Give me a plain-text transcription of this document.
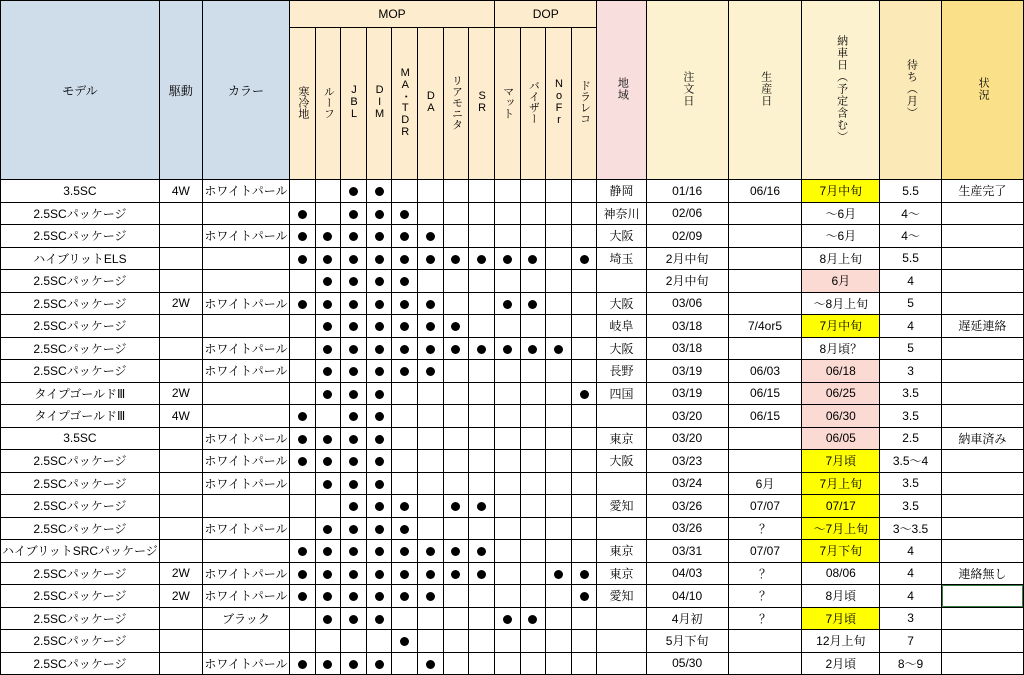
モデル	駆動	カラー	MOP								DOP				地域	注文日	生産日	納車日（予定含む）	待ち（月）	状況
			寒冷地	ルーフ	JBL	DIM	MA・TDR	DA	リアモニタ	SR	マット	バイザー	NoFr	ドラレコ						
3.5SC	4W	ホワイトパール													静岡	01/16	06/16	7月中旬	5.5	生産完了
2.5SCパッケージ															神奈川	02/06		～6月	4～	
2.5SCパッケージ		ホワイトパール													大阪	02/09		～6月	4～	
ハイブリットELS															埼玉	2月中旬		8月上旬	5.5	
2.5SCパッケージ																2月中旬		6月	4	
2.5SCパッケージ	2W	ホワイトパール													大阪	03/06		～8月上旬	5	
2.5SCパッケージ															岐阜	03/18	7/4or5	7月中旬	4	遅延連絡
2.5SCパッケージ		ホワイトパール													大阪	03/18		8月頃？	5	
2.5SCパッケージ		ホワイトパール													長野	03/19	06/03	06/18	3	
タイプゴールドⅢ	2W														四国	03/19	06/15	06/25	3.5	
タイプゴールドⅢ	4W															03/20	06/15	06/30	3.5	
3.5SC		ホワイトパール													東京	03/20		06/05	2.5	納車済み
2.5SCパッケージ		ホワイトパール													大阪	03/23		7月頃	3.5～4	
2.5SCパッケージ		ホワイトパール														03/24	6月	7月上旬	3.5	
2.5SCパッケージ															愛知	03/26	07/07	07/17	3.5	
2.5SCパッケージ		ホワイトパール														03/26	？	～7月上旬	3～3.5	
ハイブリットSRCパッケージ															東京	03/31	07/07	7月下旬	4	
2.5SCパッケージ	2W	ホワイトパール													東京	04/03	？	08/06	4	連絡無し
2.5SCパッケージ	2W	ホワイトパール													愛知	04/10	？	8月頃	4	
2.5SCパッケージ		ブラック														4月初	？	7月頃	3	
2.5SCパッケージ																5月下旬		12月上旬	7	
2.5SCパッケージ		ホワイトパール														05/30		2月頃	8～9	
